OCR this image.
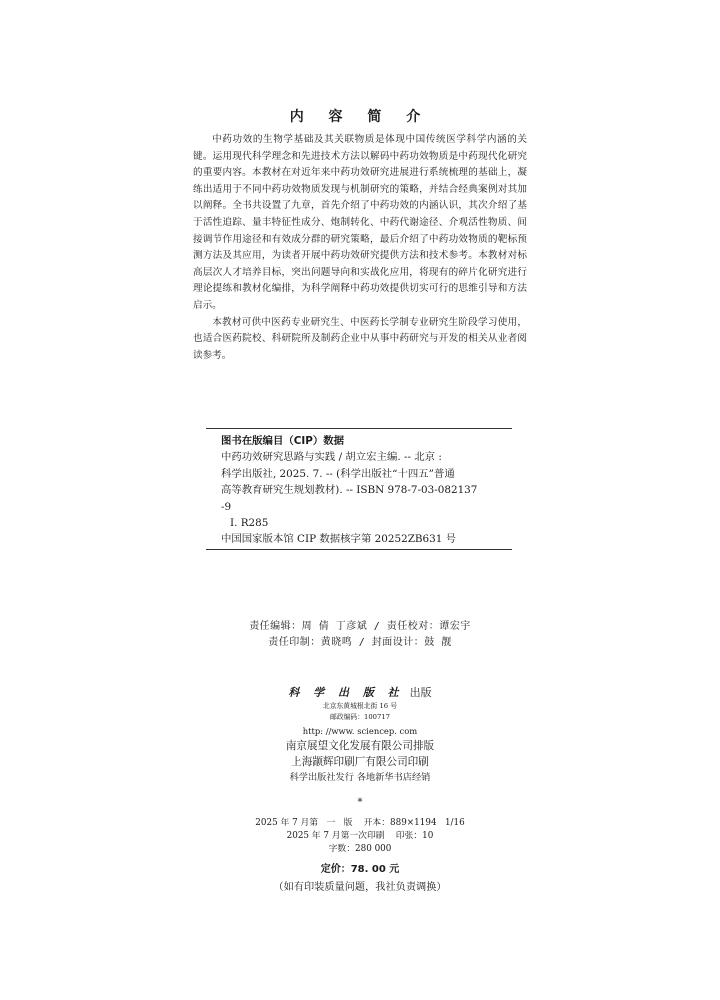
内 容 简 介

中药功效的生物学基础及其关联物质是体现中国传统医学科学内涵的关键。运用现代科学理念和先进技术方法以解码中药功效物质是中药现代化研究的重要内容。本教材在对近年来中药功效研究进展进行系统梳理的基础上，凝练出适用于不同中药功效物质发现与机制研究的策略，并结合经典案例对其加以阐释。全书共设置了九章，首先介绍了中药功效的内涵认识，其次介绍了基于活性追踪、量丰特征性成分、炮制转化、中药代谢途径、介观活性物质、间接调节作用途径和有效成分群的研究策略，最后介绍了中药功效物质的靶标预测方法及其应用，为读者开展中药功效研究提供方法和技术参考。本教材对标高层次人才培养目标，突出问题导向和实战化应用，将现有的碎片化研究进行理论提练和教材化编排，为科学阐释中药功效提供切实可行的思维引导和方法启示。

本教材可供中医药专业研究生、中医药长学制专业研究生阶段学习使用，也适合医药院校、科研院所及制药企业中从事中药研究与开发的相关从业者阅读参考。

图书在版编目（CIP）数据
中药功效研究思路与实践 / 胡立宏主编. -- 北京 :
科学出版社, 2025. 7. -- (科学出版社“十四五”普通
高等教育研究生规划教材). -- ISBN 978-7-03-082137
-9
Ⅰ. R285
中国国家版本馆 CIP 数据核字第 20252ZB631 号
责任编辑：周 倩 丁彦斌 / 责任校对：谭宏宇
责任印制：黄晓鸣 / 封面设计：鼓 靓
科 学 出 版 社 出版
北京东黄城根北街 16 号
邮政编码：100717
http: //www. sciencep. com
南京展望文化发展有限公司排版
上海颛辉印刷厂有限公司印刷
科学出版社发行 各地新华书店经销
*
2025 年 7 月第   一   版    开本：889×1194   1/16
2025 年 7 月第一次印刷    印张：10
字数：280 000
定价：78. 00 元
（如有印装质量问题，我社负责调换）
